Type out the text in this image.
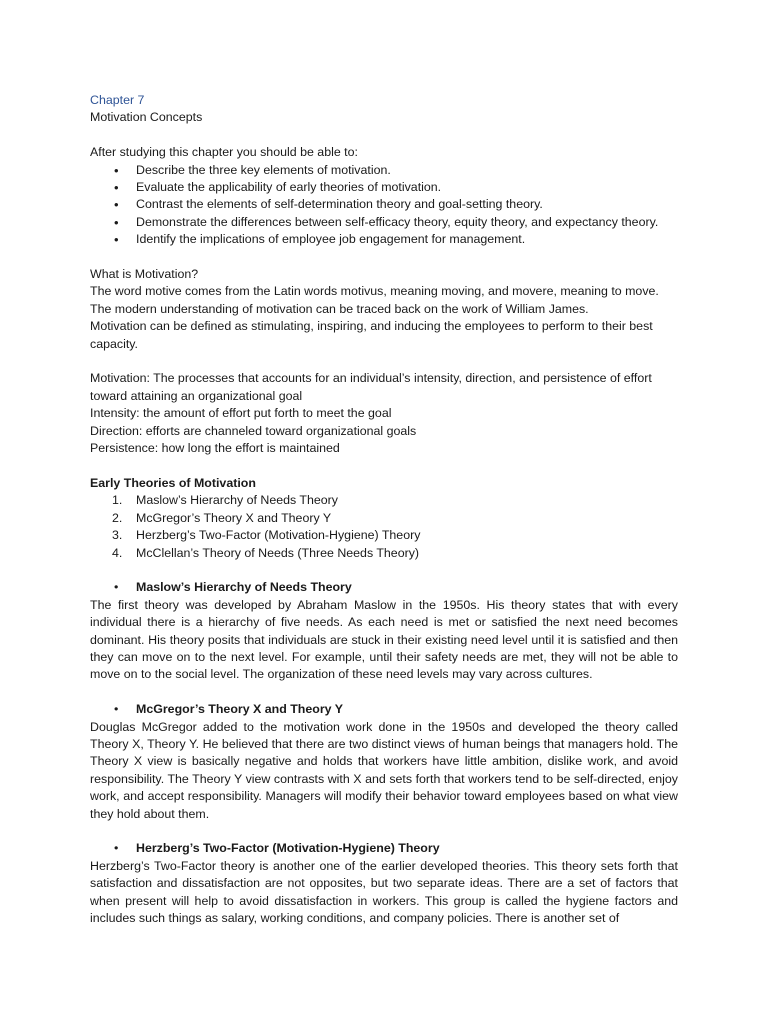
Chapter 7

Motivation Concepts

After studying this chapter you should be able to:

• Describe the three key elements of motivation.
• Evaluate the applicability of early theories of motivation.
• Contrast the elements of self-determination theory and goal-setting theory.
• Demonstrate the differences between self-efficacy theory, equity theory, and expectancy theory.
• Identify the implications of employee job engagement for management.

What is Motivation?

The word motive comes from the Latin words motivus, meaning moving, and movere, meaning to move. The modern understanding of motivation can be traced back on the work of William James.

Motivation can be defined as stimulating, inspiring, and inducing the employees to perform to their best capacity.

Motivation: The processes that accounts for an individual’s intensity, direction, and persistence of effort toward attaining an organizational goal

Intensity: the amount of effort put forth to meet the goal

Direction: efforts are channeled toward organizational goals

Persistence: how long the effort is maintained

Early Theories of Motivation

1. Maslow’s Hierarchy of Needs Theory
2. McGregor’s Theory X and Theory Y
3. Herzberg’s Two-Factor (Motivation-Hygiene) Theory
4. McClellan’s Theory of Needs (Three Needs Theory)

• Maslow’s Hierarchy of Needs Theory

The first theory was developed by Abraham Maslow in the 1950s. His theory states that with every individual there is a hierarchy of five needs. As each need is met or satisfied the next need becomes dominant. His theory posits that individuals are stuck in their existing need level until it is satisfied and then they can move on to the next level. For example, until their safety needs are met, they will not be able to move on to the social level. The organization of these need levels may vary across cultures.

• McGregor’s Theory X and Theory Y

Douglas McGregor added to the motivation work done in the 1950s and developed the theory called Theory X, Theory Y. He believed that there are two distinct views of human beings that managers hold. The Theory X view is basically negative and holds that workers have little ambition, dislike work, and avoid responsibility. The Theory Y view contrasts with X and sets forth that workers tend to be self-directed, enjoy work, and accept responsibility. Managers will modify their behavior toward employees based on what view they hold about them.

• Herzberg’s Two-Factor (Motivation-Hygiene) Theory

Herzberg’s Two-Factor theory is another one of the earlier developed theories. This theory sets forth that satisfaction and dissatisfaction are not opposites, but two separate ideas. There are a set of factors that when present will help to avoid dissatisfaction in workers. This group is called the hygiene factors and includes such things as salary, working conditions, and company policies. There is another set of
